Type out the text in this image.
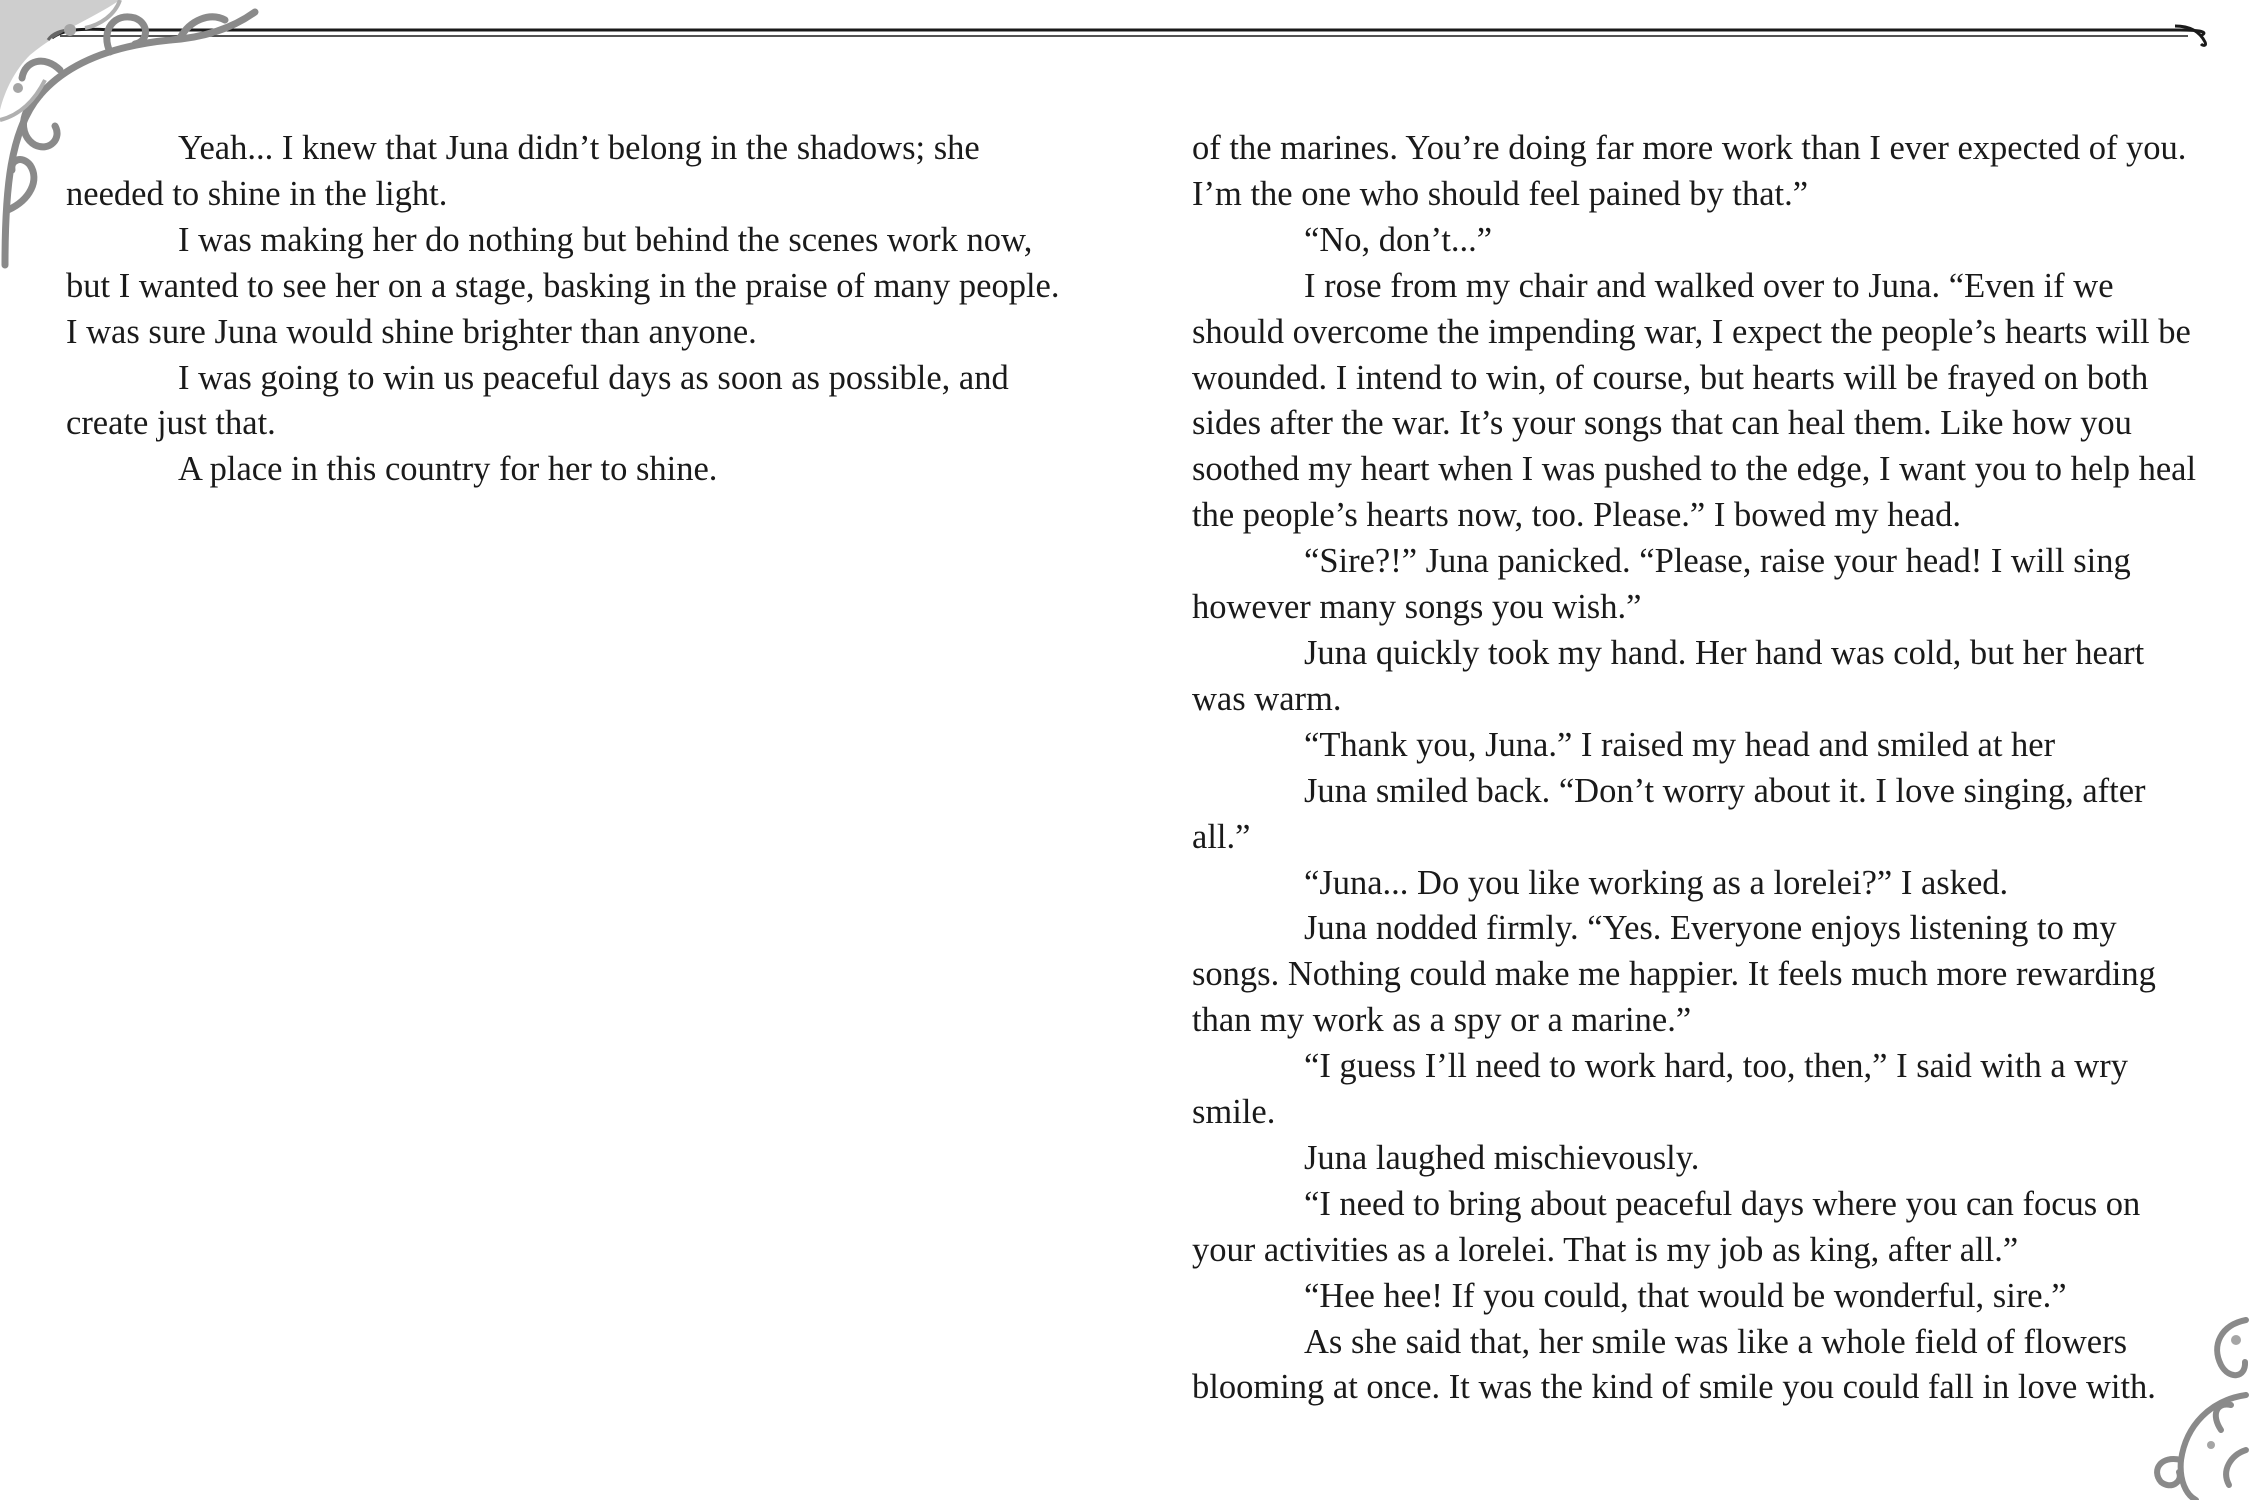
Yeah... I knew that Juna didn’t belong in the shadows; she needed to shine in the light.

I was making her do nothing but behind the scenes work now, but I wanted to see her on a stage, basking in the praise of many people. I was sure Juna would shine brighter than anyone.

I was going to win us peaceful days as soon as possible, and create just that.

A place in this country for her to shine.

of the marines. You’re doing far more work than I ever expected of you. I’m the one who should feel pained by that.”

“No, don’t...”

I rose from my chair and walked over to Juna. “Even if we should overcome the impending war, I expect the people’s hearts will be wounded. I intend to win, of course, but hearts will be frayed on both sides after the war. It’s your songs that can heal them. Like how you soothed my heart when I was pushed to the edge, I want you to help heal the people’s hearts now, too. Please.” I bowed my head.

“Sire?!” Juna panicked. “Please, raise your head! I will sing however many songs you wish.”

Juna quickly took my hand. Her hand was cold, but her heart was warm.

“Thank you, Juna.” I raised my head and smiled at her

Juna smiled back. “Don’t worry about it. I love singing, after all.”

“Juna... Do you like working as a lorelei?” I asked.

Juna nodded firmly. “Yes. Everyone enjoys listening to my songs. Nothing could make me happier. It feels much more rewarding than my work as a spy or a marine.”

“I guess I’ll need to work hard, too, then,” I said with a wry smile.

Juna laughed mischievously.

“I need to bring about peaceful days where you can focus on your activities as a lorelei. That is my job as king, after all.”

“Hee hee! If you could, that would be wonderful, sire.”

As she said that, her smile was like a whole field of flowers blooming at once. It was the kind of smile you could fall in love with.
